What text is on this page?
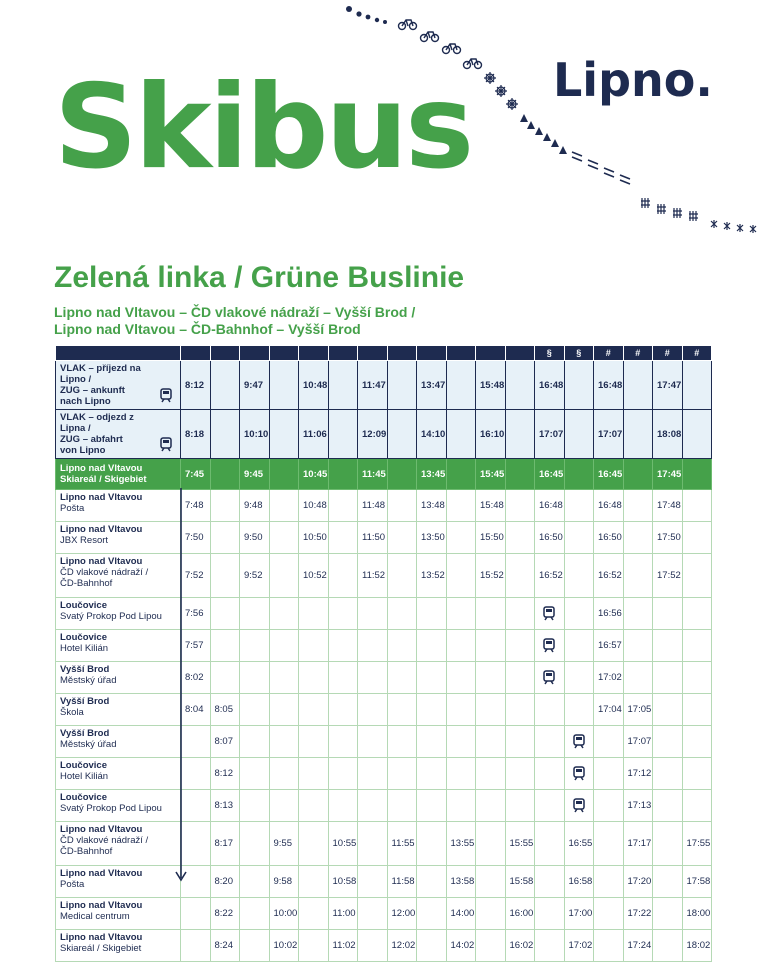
Lipno.
Skibus
Zelená linka / Grüne Buslinie
Lipno nad Vltavou – ČD vlakové nádraží – Vyšší Brod /
Lipno nad Vltavou – ČD-Bahnhof – Vyšší Brod
													§	§	#	#	#	#

VLAK – příjezd na Lipno /
ZUG – ankunft
nach Lipno	8:12		9:47		10:48		11:47		13:47		15:48		16:48		16:48		17:47	

VLAK – odjezd z Lipna /
ZUG – abfahrt
von Lipno	8:18		10:10		11:06		12:09		14:10		16:10		17:07		17:07		18:08	

Lipno nad Vltavou
Skiareál / Skigebiet	7:45		9:45		10:45		11:45		13:45		15:45		16:45		16:45		17:45	

Lipno nad Vltavou
Pošta	7:48		9:48		10:48		11:48		13:48		15:48		16:48		16:48		17:48	

Lipno nad Vltavou
JBX Resort	7:50		9:50		10:50		11:50		13:50		15:50		16:50		16:50		17:50	

Lipno nad Vltavou
ČD vlakové nádraží /
ČD-Bahnhof	7:52		9:52		10:52		11:52		13:52		15:52		16:52		16:52		17:52	

Loučovice
Svatý Prokop Pod Lipou	7:56														16:56			

Loučovice
Hotel Kilián	7:57														16:57			

Vyšší Brod
Městský úřad	8:02														17:02			

Vyšší Brod
Škola	8:04	8:05													17:04	17:05		

Vyšší Brod
Městský úřad		8:07														17:07		

Loučovice
Hotel Kilián		8:12														17:12		

Loučovice
Svatý Prokop Pod Lipou		8:13														17:13		

Lipno nad Vltavou
ČD vlakové nádraží /
ČD-Bahnhof		8:17		9:55		10:55		11:55		13:55		15:55		16:55		17:17		17:55

Lipno nad Vltavou
Pošta		8:20		9:58		10:58		11:58		13:58		15:58		16:58		17:20		17:58

Lipno nad Vltavou
Medical centrum		8:22		10:00		11:00		12:00		14:00		16:00		17:00		17:22		18:00

Lipno nad Vltavou
Skiareál / Skigebiet		8:24		10:02		11:02		12:02		14:02		16:02		17:02		17:24		18:02
